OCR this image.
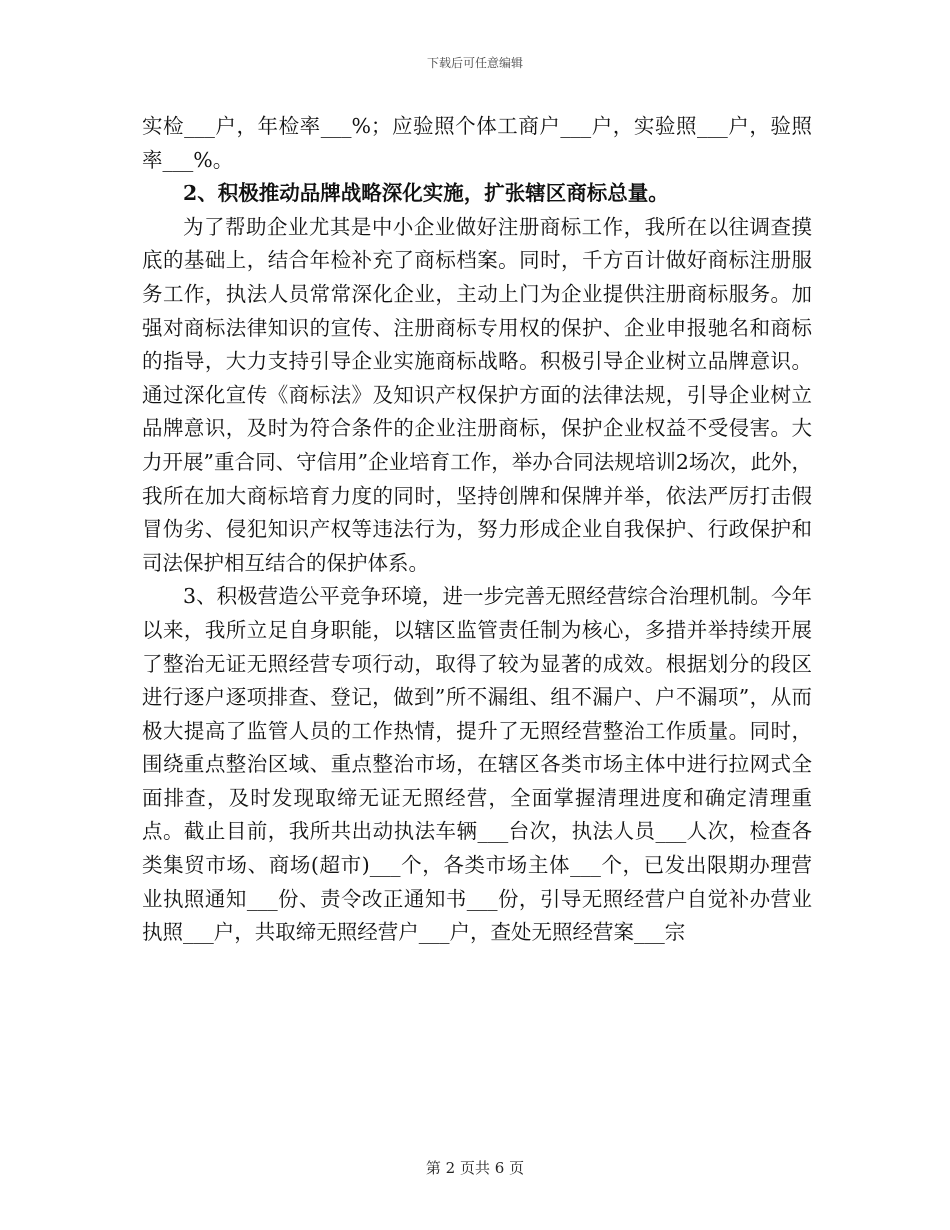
下载后可任意编辑

实检___户，年检率___%；应验照个体工商户___户，实验照___户，验照率___%。

2、积极推动品牌战略深化实施，扩张辖区商标总量。

为了帮助企业尤其是中小企业做好注册商标工作，我所在以往调查摸底的基础上，结合年检补充了商标档案。同时，千方百计做好商标注册服务工作，执法人员常常深化企业，主动上门为企业提供注册商标服务。加强对商标法律知识的宣传、注册商标专用权的保护、企业申报驰名和商标的指导，大力支持引导企业实施商标战略。积极引导企业树立品牌意识。通过深化宣传《商标法》及知识产权保护方面的法律法规，引导企业树立品牌意识，及时为符合条件的企业注册商标，保护企业权益不受侵害。大力开展”重合同、守信用”企业培育工作，举办合同法规培训2场次，此外，我所在加大商标培育力度的同时，坚持创牌和保牌并举，依法严厉打击假冒伪劣、侵犯知识产权等违法行为，努力形成企业自我保护、行政保护和司法保护相互结合的保护体系。

3、积极营造公平竞争环境，进一步完善无照经营综合治理机制。今年以来，我所立足自身职能，以辖区监管责任制为核心，多措并举持续开展了整治无证无照经营专项行动，取得了较为显著的成效。根据划分的段区进行逐户逐项排查、登记，做到”所不漏组、组不漏户、户不漏项”，从而极大提高了监管人员的工作热情，提升了无照经营整治工作质量。同时，围绕重点整治区域、重点整治市场，在辖区各类市场主体中进行拉网式全面排查，及时发现取缔无证无照经营，全面掌握清理进度和确定清理重点。截止目前，我所共出动执法车辆___台次，执法人员___人次，检查各类集贸市场、商场(超市)___个，各类市场主体___个，已发出限期办理营业执照通知___份、责令改正通知书___份，引导无照经营户自觉补办营业执照___户，共取缔无照经营户___户，查处无照经营案___宗

第 2 页共 6 页
